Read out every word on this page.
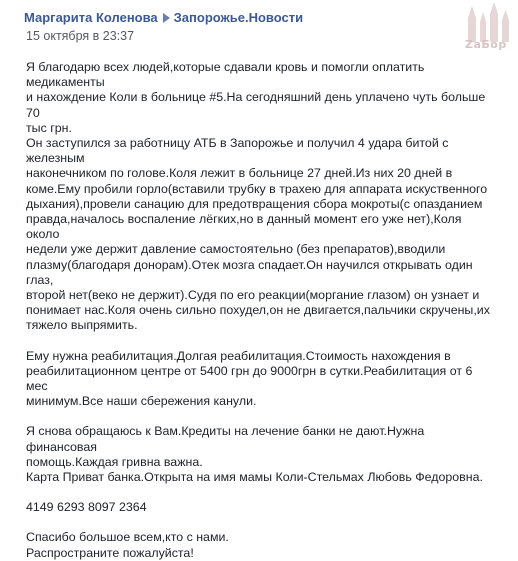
Маргарита Коленова Запорожье.Новости
15 октября в 23:37

Я благодарю всех людей,которые сдавали кровь и помогли оплатить медикаменты
и нахождение Коли в больнице #5.На сегодняшний день уплачено чуть больше 70
тыс грн.
Он заступился за работницу АТБ в Запорожье и получил 4 удара битой с железным
наконечником по голове.Коля лежит в больнице 27 дней.Из них 20 дней в
коме.Ему пробили горло(вставили трубку в трахею для аппарата искуственного
дыхания),провели санацию для предотвращения сбора мокроты(с опазданием
правда,началось воспаление лёгких,но в данный момент его уже нет),Коля около
недели уже держит давление самостоятельно (без препаратов),вводили
плазму(благодаря донорам).Отек мозга спадает.Он научился открывать один глаз,
второй нет(веко не держит).Судя по его реакции(моргание глазом) он узнает и
понимает нас.Коля очень сильно похудел,он не двигается,пальчики скручены,их
тяжело выпрямить.

Ему нужна реабилитация.Долгая реабилитация.Стоимость нахождения в
реабилитационном центре от 5400 грн до 9000грн в сутки.Реабилитация от 6 мес
минимум.Все наши сбережения канули.

Я снова обращаюсь к Вам.Кредиты на лечение банки не дают.Нужна финансовая
помощь.Каждая гривна важна.
Карта Приват банка.Открыта на имя мамы Коли-Стельмах Любовь Федоровна.

4149 6293 8097 2364

Спасибо большое всем,кто с нами.
Распространите пожалуйста!

ZaБор
